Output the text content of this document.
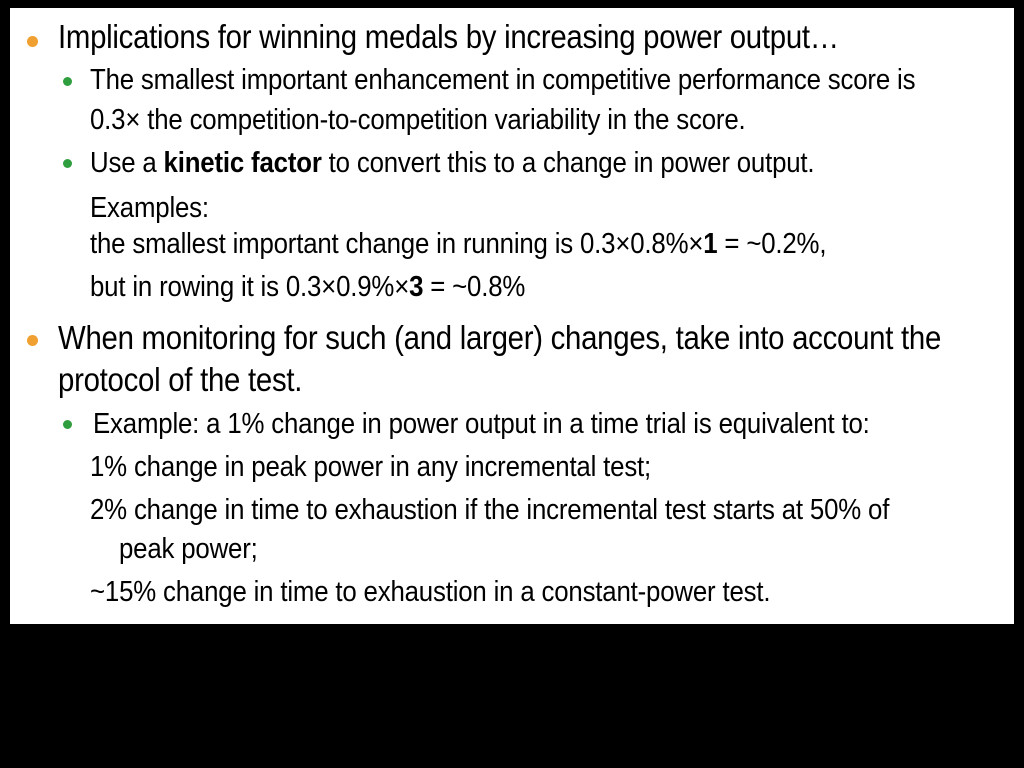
Implications for winning medals by increasing power output…
The smallest important enhancement in competitive performance score is
0.3× the competition-to-competition variability in the score.
Use a kinetic factor to convert this to a change in power output.
Examples:
the smallest important change in running is 0.3×0.8%×1 = ~0.2%,
but in rowing it is 0.3×0.9%×3 = ~0.8%
When monitoring for such (and larger) changes, take into account the
protocol of the test.
Example: a 1% change in power output in a time trial is equivalent to:
1% change in peak power in any incremental test;
2% change in time to exhaustion if the incremental test starts at 50% of
peak power;
~15% change in time to exhaustion in a constant-power test.
